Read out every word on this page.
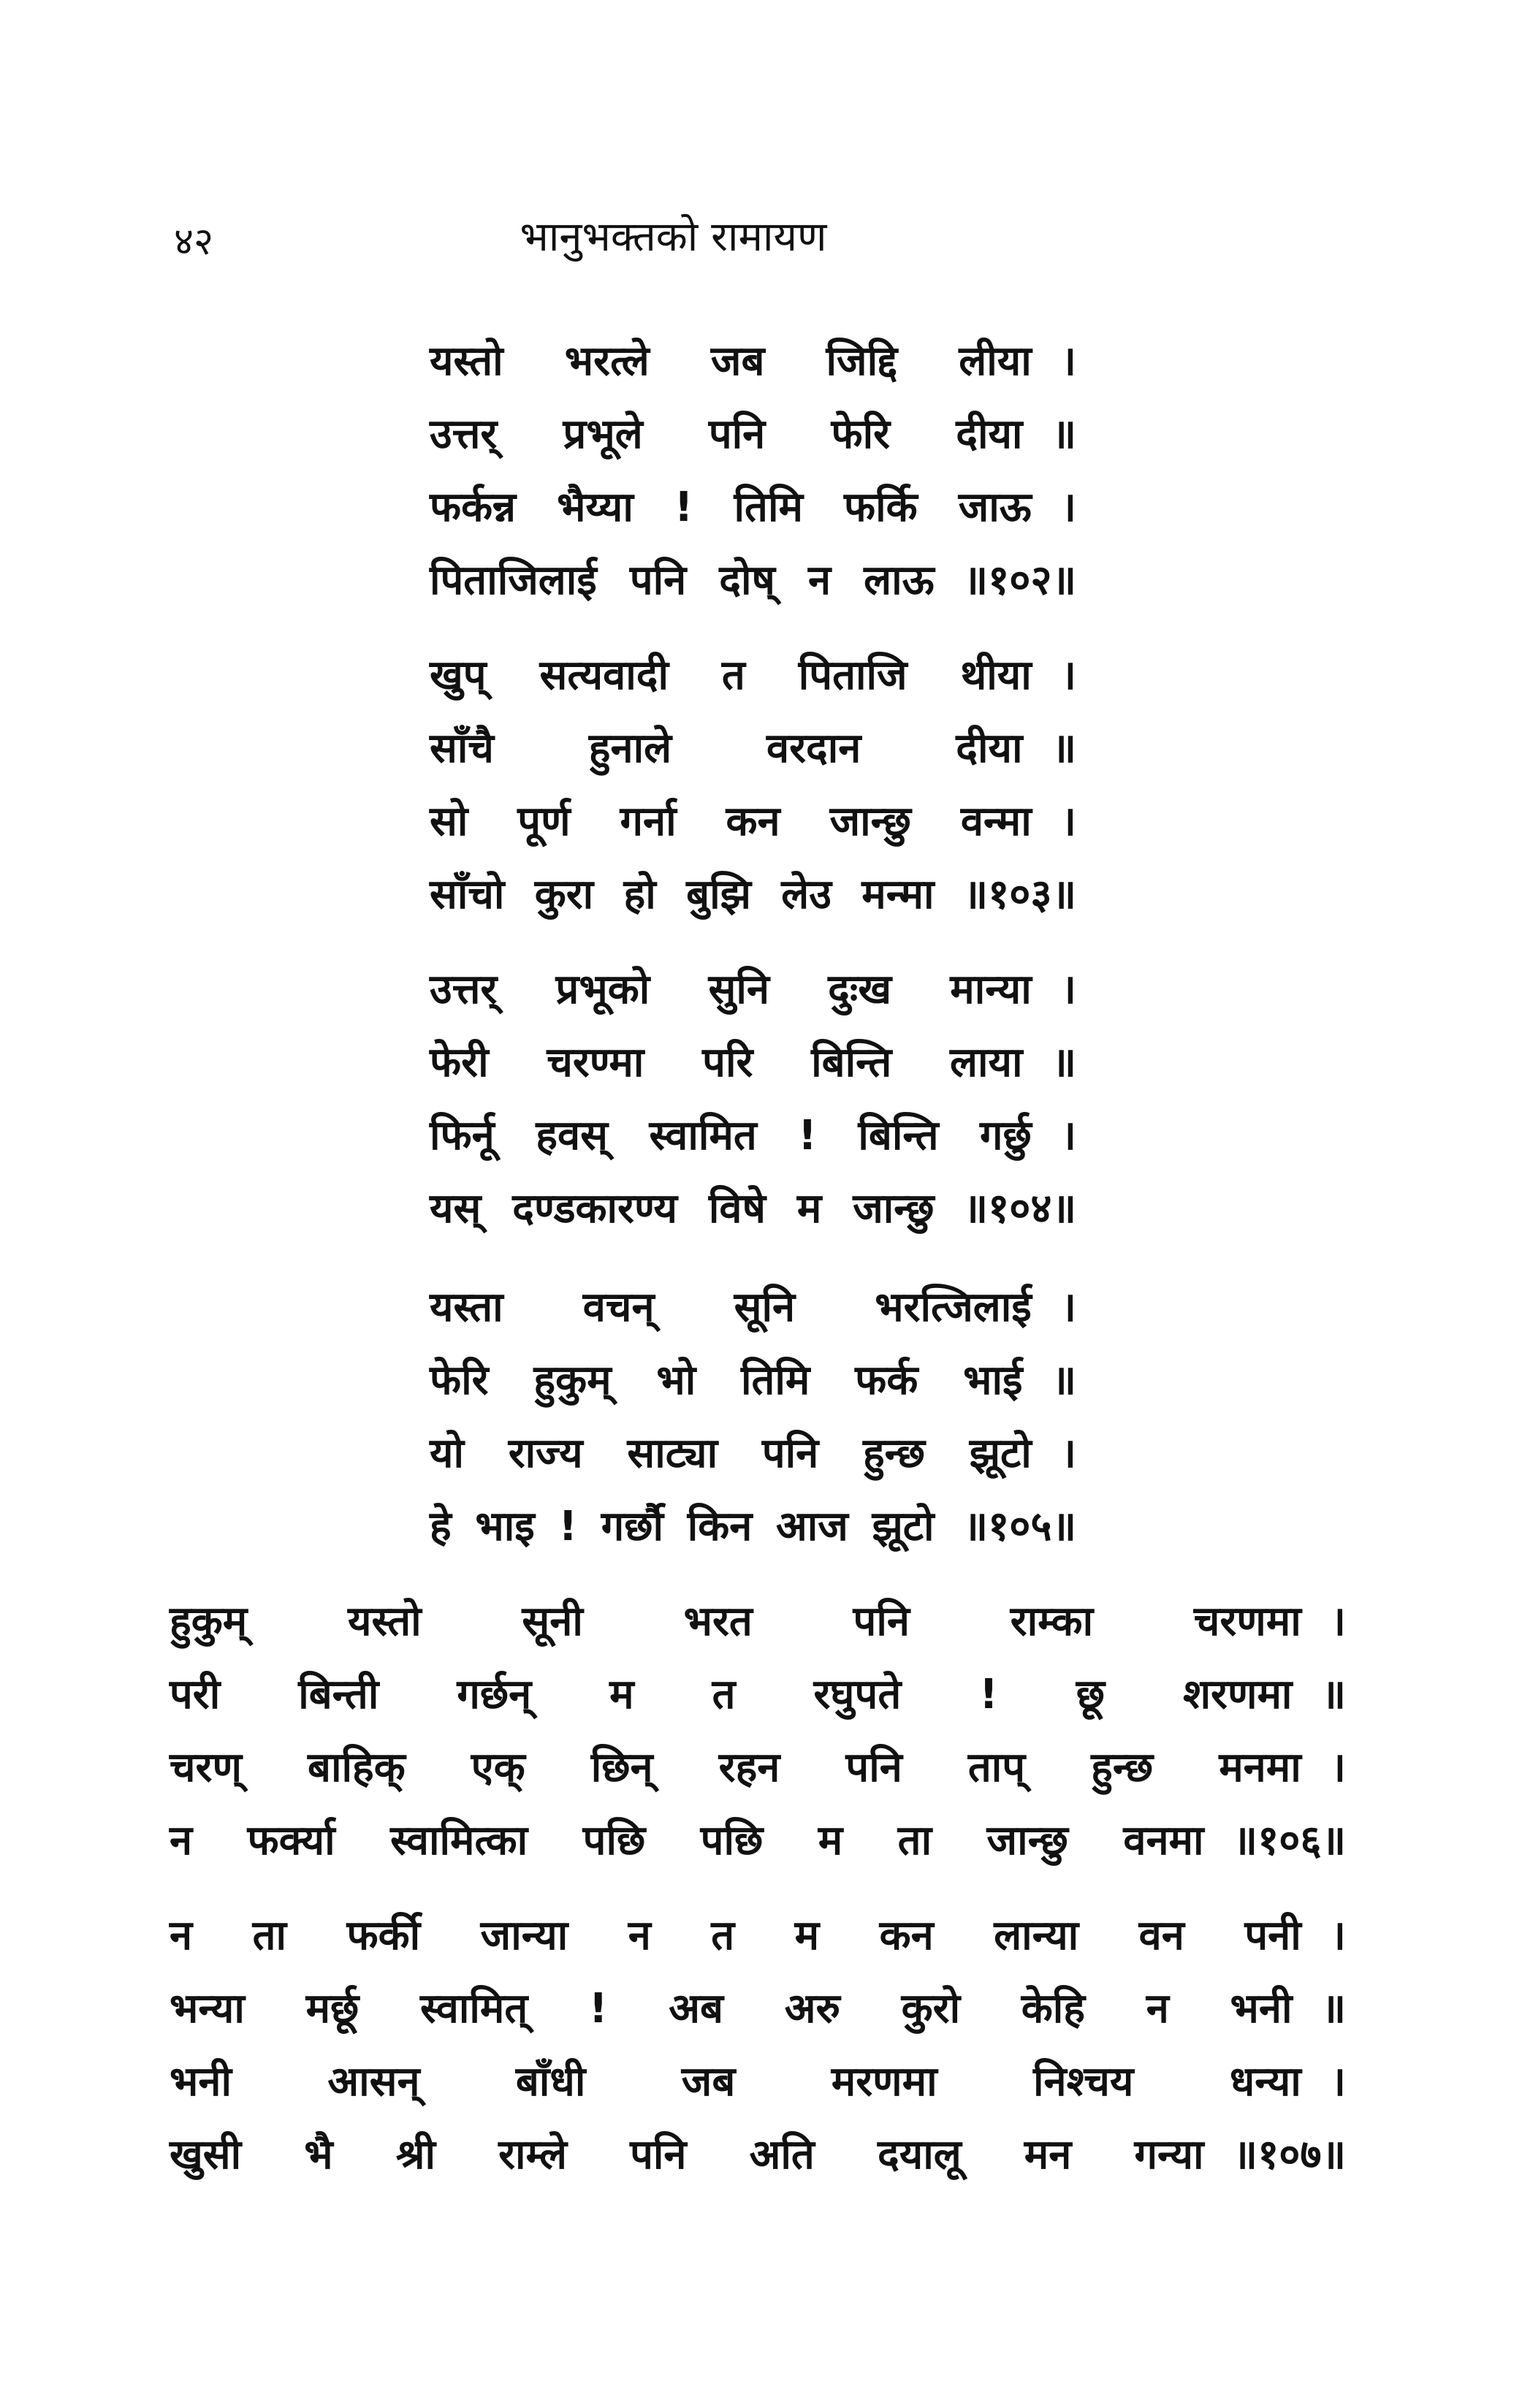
४२	भानुभक्तको रामायण
यस्तो भरत्ले जब जिद्दि लीया ।
उत्तर् प्रभूले पनि फेरि दीया ॥
फर्कन्न भैय्या ! तिमि फर्कि जाऊ ।
पिताजिलाई पनि दोष् न लाऊ ॥१०२॥
खुप् सत्यवादी त पिताजि थीया ।
साँचै हुनाले वरदान दीया ॥
सो पूर्ण गर्ना कन जान्छु वन्मा ।
साँचो कुरा हो बुझि लेउ मन्मा ॥१०३॥
उत्तर् प्रभूको सुनि दुःख मान्या ।
फेरी चरण्मा परि बिन्ति लाया ॥
फिर्नू हवस् स्वामित ! बिन्ति गर्छु ।
यस् दण्डकारण्य विषे म जान्छु ॥१०४॥
यस्ता वचन् सूनि भरत्जिलाई ।
फेरि हुकुम् भो तिमि फर्क भाई ॥
यो राज्य साट्या पनि हुन्छ झूटो ।
हे भाइ ! गर्छौ किन आज झूटो ॥१०५॥
हुकुम् यस्तो सूनी भरत पनि राम्का चरणमा ।
परी बिन्ती गर्छन् म त रघुपते ! छू शरणमा ॥
चरण् बाहिक् एक् छिन् रहन पनि ताप् हुन्छ मनमा ।
न फर्क्या स्वामित्का पछि पछि म ता जान्छु वनमा ॥१०६॥
न ता फर्की जान्या न त म कन लान्या वन पनी ।
भन्या मर्छू स्वामित् ! अब अरु कुरो केहि न भनी ॥
भनी आसन् बाँधी जब मरणमा निश्चय धन्या ।
खुसी भै श्री राम्ले पनि अति दयालू मन गन्या ॥१०७॥
